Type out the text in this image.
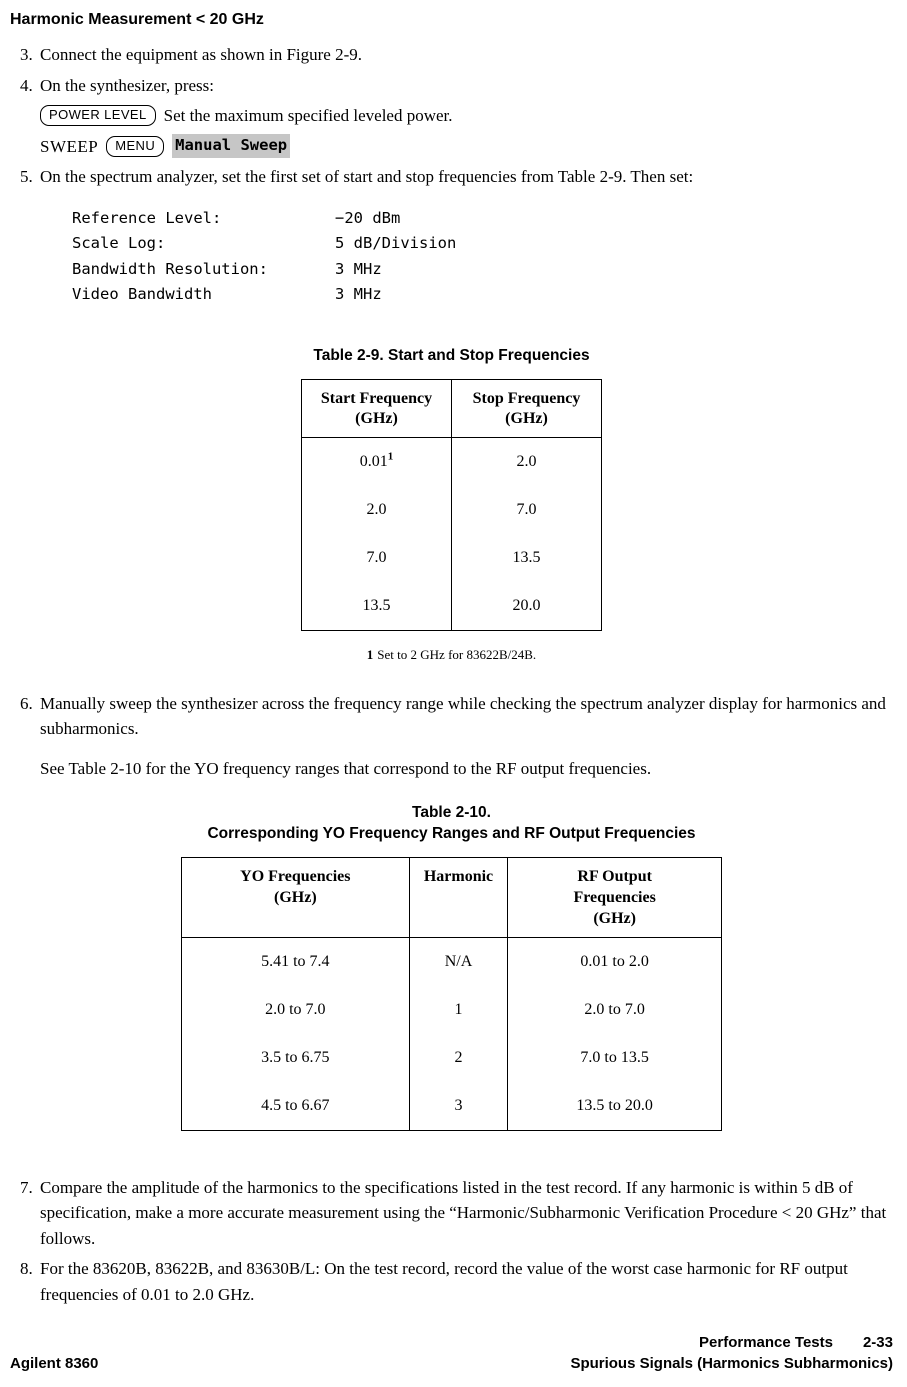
Harmonic Measurement < 20 GHz
3. Connect the equipment as shown in Figure 2-9.
4. On the synthesizer, press:
POWER LEVEL	Set the maximum specified leveled power.
SWEEP	MENU	Manual Sweep
5. On the spectrum analyzer, set the first set of start and stop frequencies from Table 2-9. Then set:
Reference Level:	−20 dBm
Scale Log:	5 dB/Division
Bandwidth Resolution:	3 MHz
Video Bandwidth	3 MHz
Table 2-9. Start and Stop Frequencies
Start Frequency
(GHz)

Stop Frequency
(GHz)

0.01$^1$	2.0
2.0	7.0
7.0	13.5
13.5	20.0
1 Set to 2 GHz for 83622B/24B.
6. Manually sweep the synthesizer across the frequency range while checking the spectrum analyzer display for harmonics and subharmonics.
See Table 2-10 for the YO frequency ranges that correspond to the RF output frequencies.
Table 2-10.
Corresponding YO Frequency Ranges and RF Output Frequencies
YO Frequencies
(GHz)

Harmonic	RF Output
Frequencies
(GHz)

5.41 to 7.4	N/A	0.01 to 2.0
2.0 to 7.0	1	2.0 to 7.0
3.5 to 6.75	2	7.0 to 13.5
4.5 to 6.67	3	13.5 to 20.0
7. Compare the amplitude of the harmonics to the specifications listed in the test record. If any harmonic is within 5 dB of specification, make a more accurate measurement using the “Harmonic/Subharmonic Verification Procedure < 20 GHz” that follows.
8. For the 83620B, 83622B, and 83630B/L: On the test record, record the value of the worst case harmonic for RF output frequencies of 0.01 to 2.0 GHz.
Agilent 8360
Performance Tests 2-33
Spurious Signals (Harmonics Subharmonics)
